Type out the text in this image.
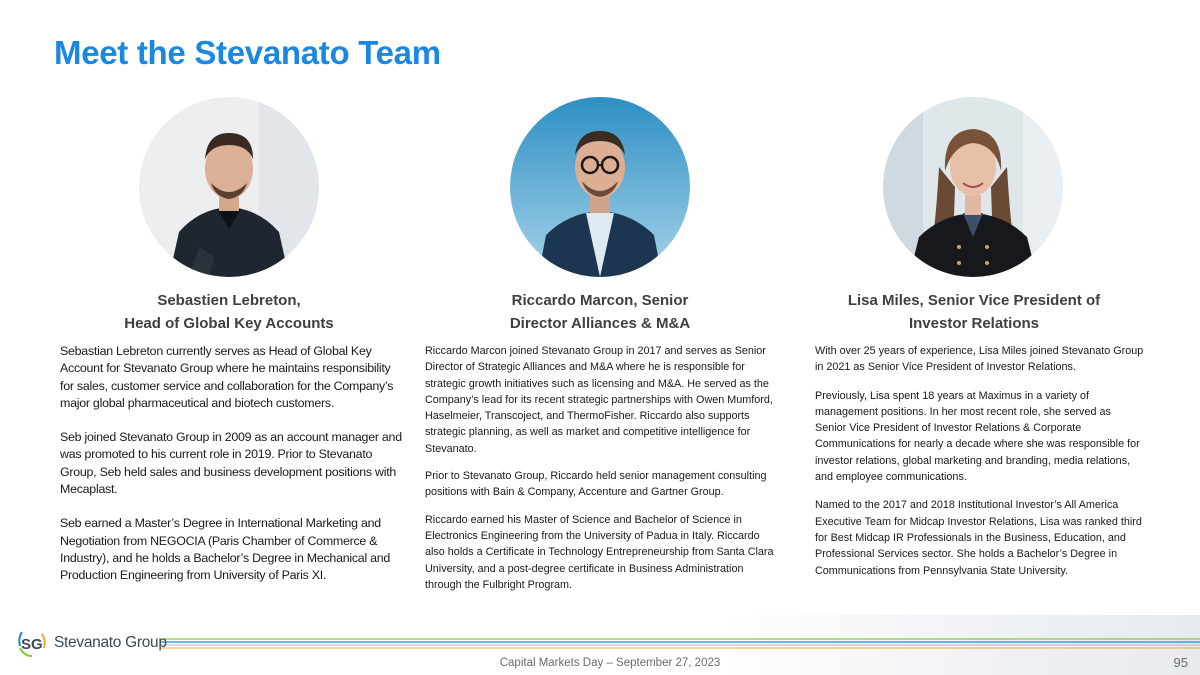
Meet the Stevanato Team
Sebastien Lebreton,
Head of Global Key Accounts
Riccardo Marcon, Senior
Director Alliances & M&A
Lisa Miles, Senior Vice President of
Investor Relations

Sebastian Lebreton currently serves as Head of Global Key Account for Stevanato Group where he maintains responsibility for sales, customer service and collaboration for the Company’s major global pharmaceutical and biotech customers.

Seb joined Stevanato Group in 2009 as an account manager and was promoted to his current role in 2019. Prior to Stevanato Group, Seb held sales and business development positions with Mecaplast.

Seb earned a Master’s Degree in International Marketing and Negotiation from NEGOCIA (Paris Chamber of Commerce & Industry), and he holds a Bachelor’s Degree in Mechanical and Production Engineering from University of Paris XI.

Riccardo Marcon joined Stevanato Group in 2017 and serves as Senior Director of Strategic Alliances and M&A where he is responsible for strategic growth initiatives such as licensing and M&A. He served as the Company’s lead for its recent strategic partnerships with Owen Mumford, Haselmeier, Transcoject, and ThermoFisher. Riccardo also supports strategic planning, as well as market and competitive intelligence for Stevanato.

Prior to Stevanato Group, Riccardo held senior management consulting positions with Bain & Company, Accenture and Gartner Group.

Riccardo earned his Master of Science and Bachelor of Science in Electronics Engineering from the University of Padua in Italy. Riccardo also holds a Certificate in Technology Entrepreneurship from Santa Clara University, and a post-degree certificate in Business Administration through the Fulbright Program.

With over 25 years of experience, Lisa Miles joined Stevanato Group in 2021 as Senior Vice President of Investor Relations.

Previously, Lisa spent 18 years at Maximus in a variety of management positions. In her most recent role, she served as Senior Vice President of Investor Relations & Corporate Communications for nearly a decade where she was responsible for investor relations, global marketing and branding, media relations, and employee communications.

Named to the 2017 and 2018 Institutional Investor’s All America Executive Team for Midcap Investor Relations, Lisa was ranked third for Best Midcap IR Professionals in the Business, Education, and Professional Services sector. She holds a Bachelor’s Degree in Communications from Pennsylvania State University.

SG Stevanato Group
Capital Markets Day – September 27, 2023	95
